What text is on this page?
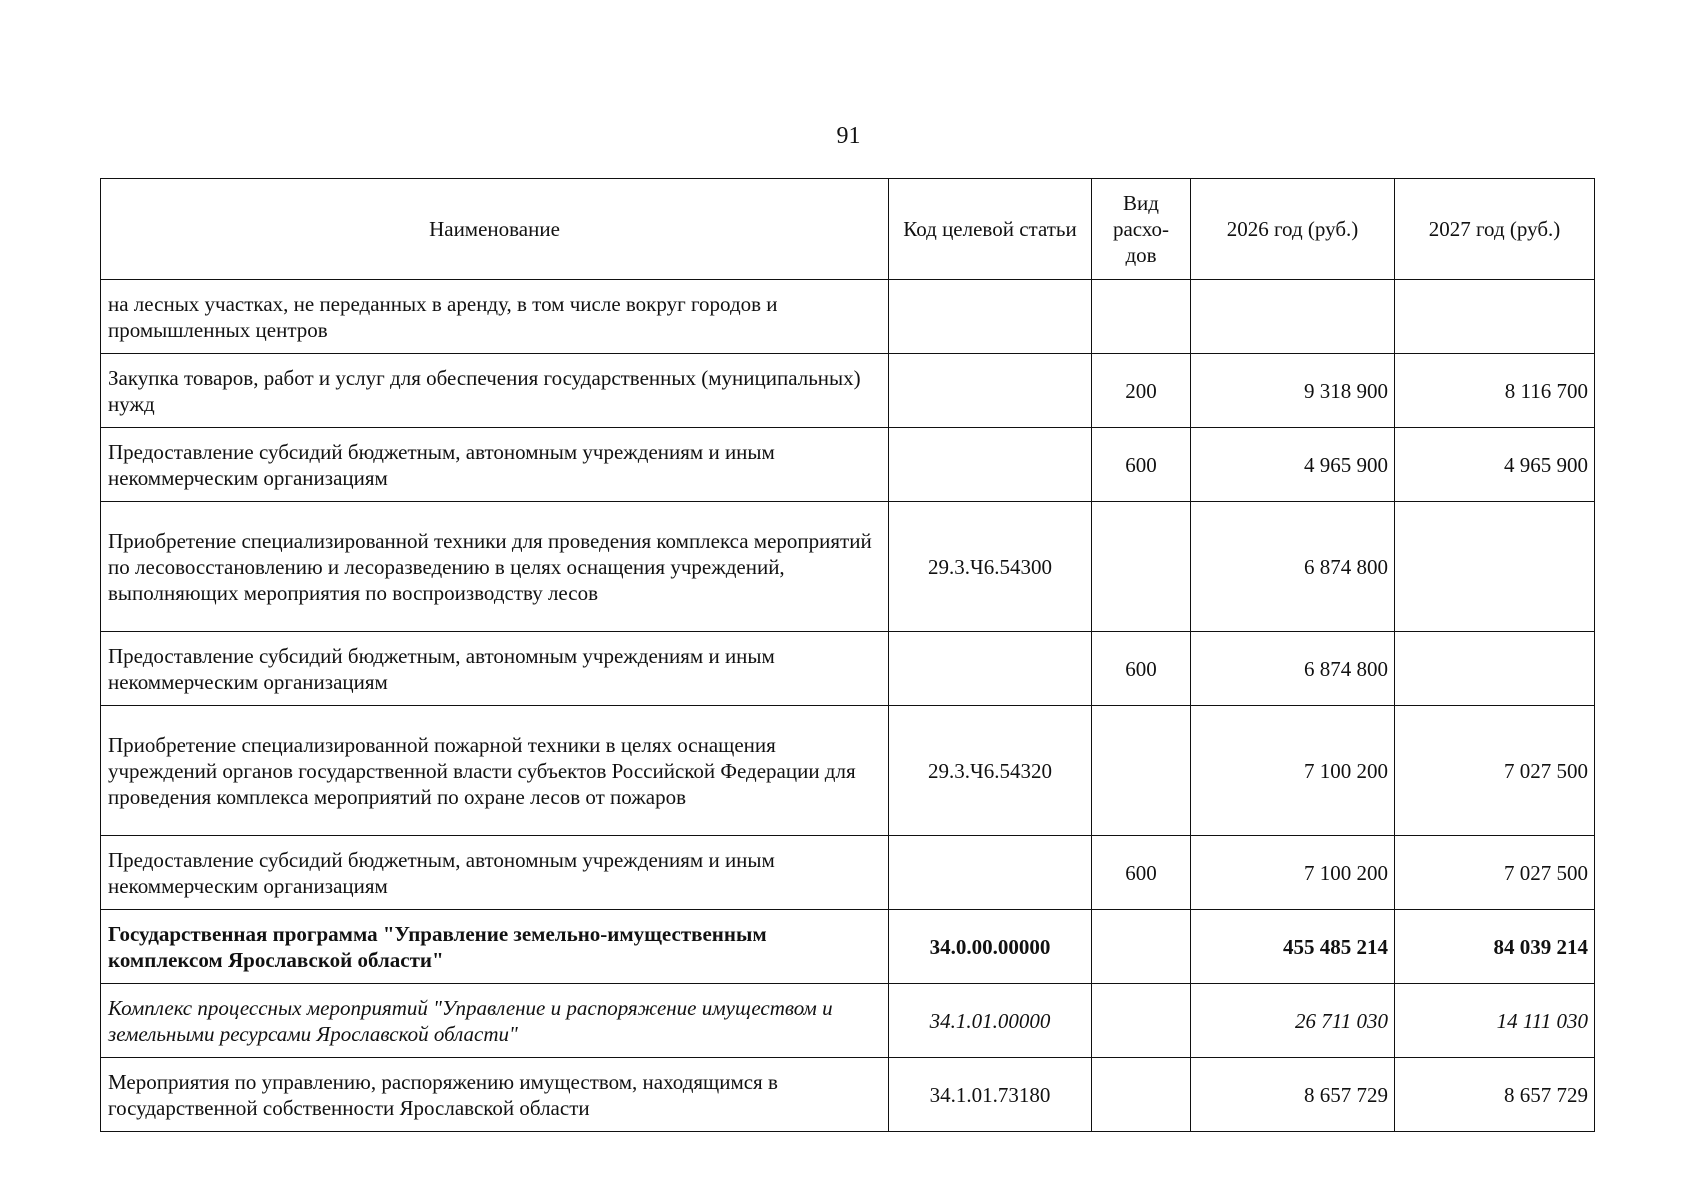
91
Наименование	Код целевой статьи	Вид расхо-дов	2026 год (руб.)	2027 год (руб.)
на лесных участках, не переданных в аренду, в том числе вокруг городов и промышленных центров				
Закупка товаров, работ и услуг для обеспечения государственных (муниципальных) нужд		200	9 318 900	8 116 700
Предоставление субсидий бюджетным, автономным учреждениям и иным некоммерческим организациям		600	4 965 900	4 965 900
Приобретение специализированной техники для проведения комплекса мероприятий по лесовосстановлению и лесоразведению в целях оснащения учреждений, выполняющих мероприятия по воспроизводству лесов	29.3.Ч6.54300		6 874 800	
Предоставление субсидий бюджетным, автономным учреждениям и иным некоммерческим организациям		600	6 874 800	
Приобретение специализированной пожарной техники в целях оснащения учреждений органов государственной власти субъектов Российской Федерации для проведения комплекса мероприятий по охране лесов от пожаров	29.3.Ч6.54320		7 100 200	7 027 500
Предоставление субсидий бюджетным, автономным учреждениям и иным некоммерческим организациям		600	7 100 200	7 027 500
Государственная программа "Управление земельно-имущественным комплексом Ярославской области"	34.0.00.00000		455 485 214	84 039 214
Комплекс процессных мероприятий "Управление и распоряжение имуществом и земельными ресурсами Ярославской области"	34.1.01.00000		26 711 030	14 111 030
Мероприятия по управлению, распоряжению имуществом, находящимся в государственной собственности Ярославской области	34.1.01.73180		8 657 729	8 657 729
